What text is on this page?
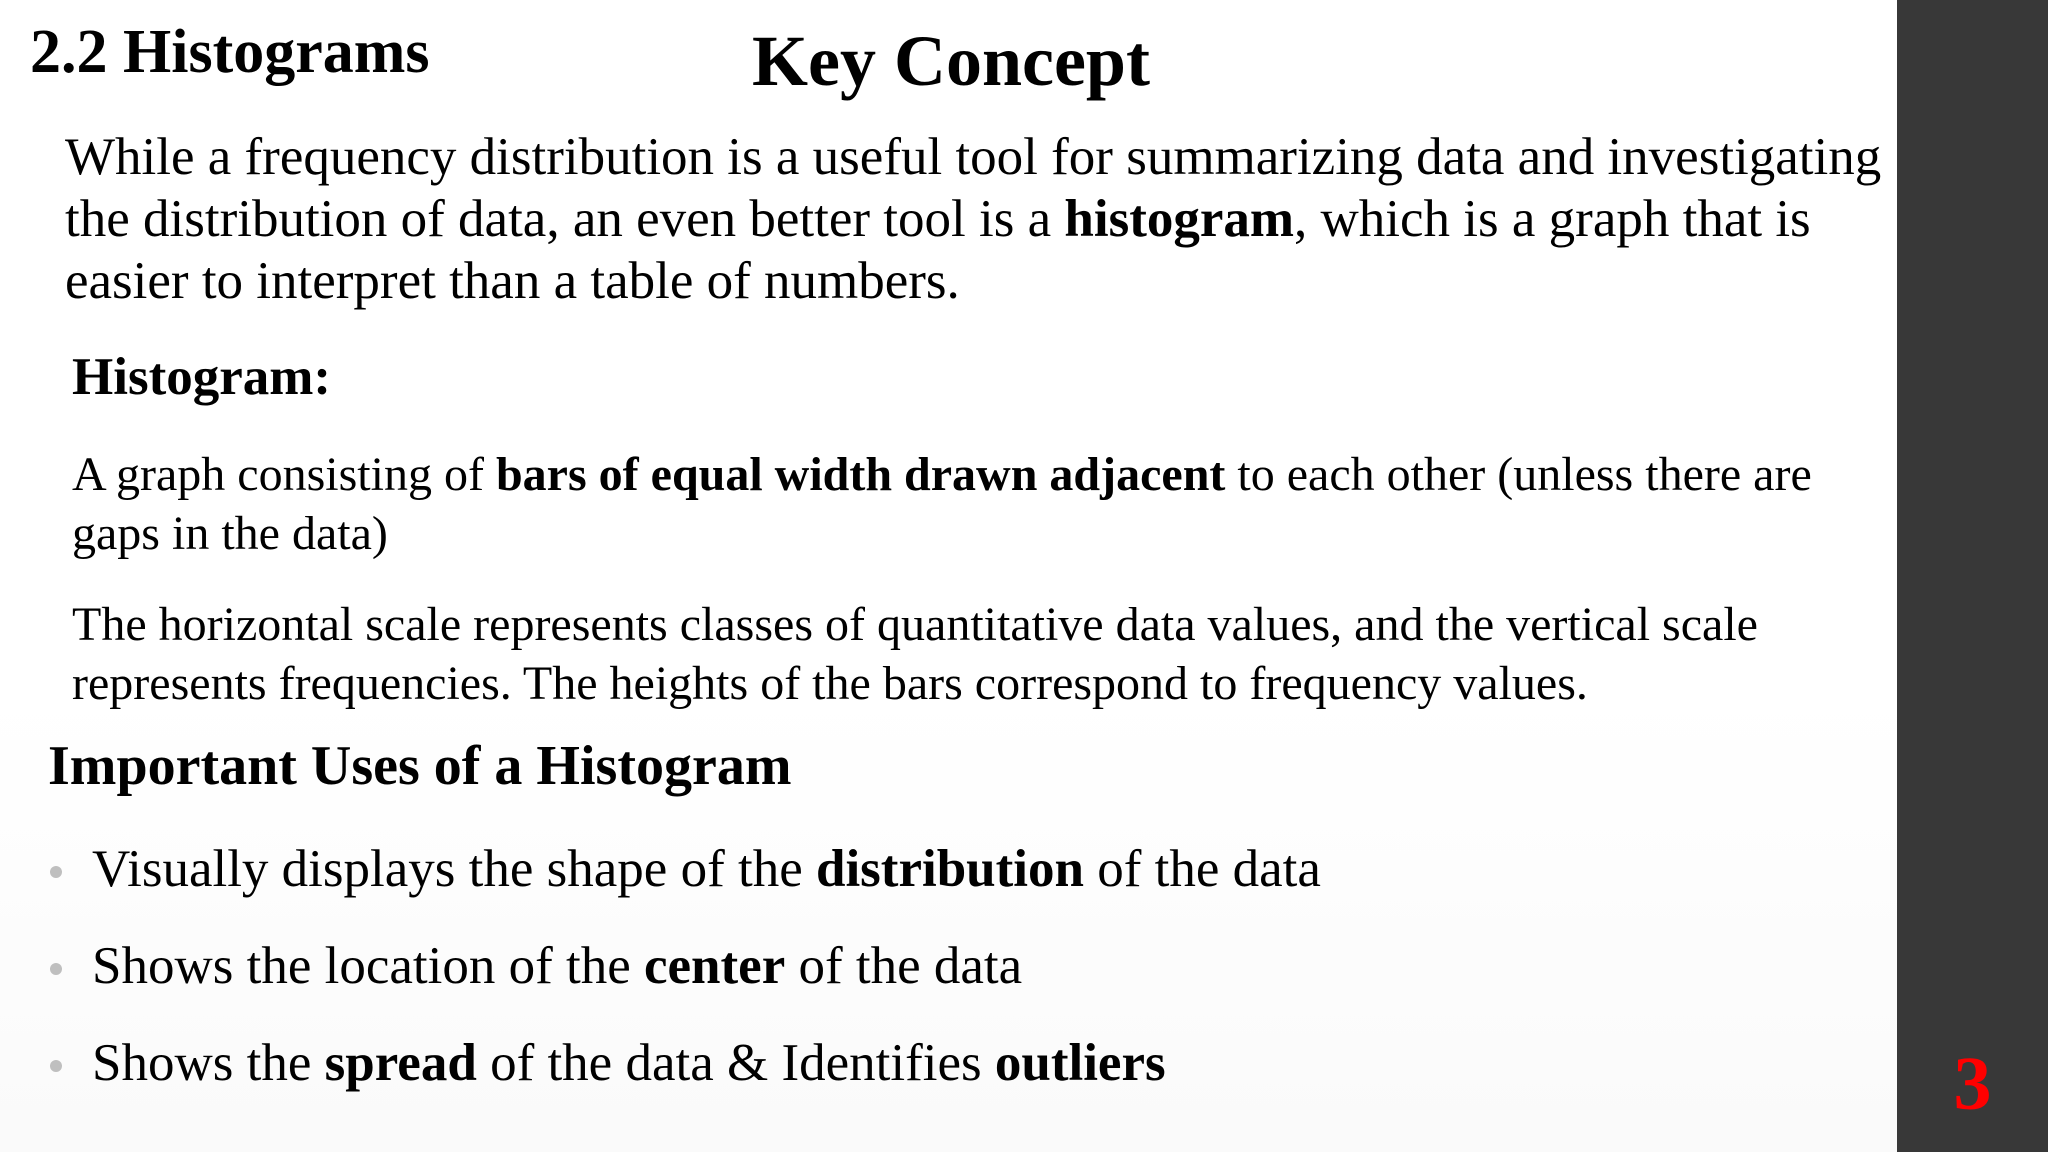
2.2 Histograms	Key Concept
While a frequency distribution is a useful tool for summarizing data and investigating the distribution of data, an even better tool is a histogram, which is a graph that is easier to interpret than a table of numbers.
Histogram:
A graph consisting of bars of equal width drawn adjacent to each other (unless there are gaps in the data)
The horizontal scale represents classes of quantitative data values, and the vertical scale represents frequencies. The heights of the bars correspond to frequency values.
Important Uses of a Histogram
Visually displays the shape of the distribution of the data
Shows the location of the center of the data
Shows the spread of the data & Identifies outliers	3
